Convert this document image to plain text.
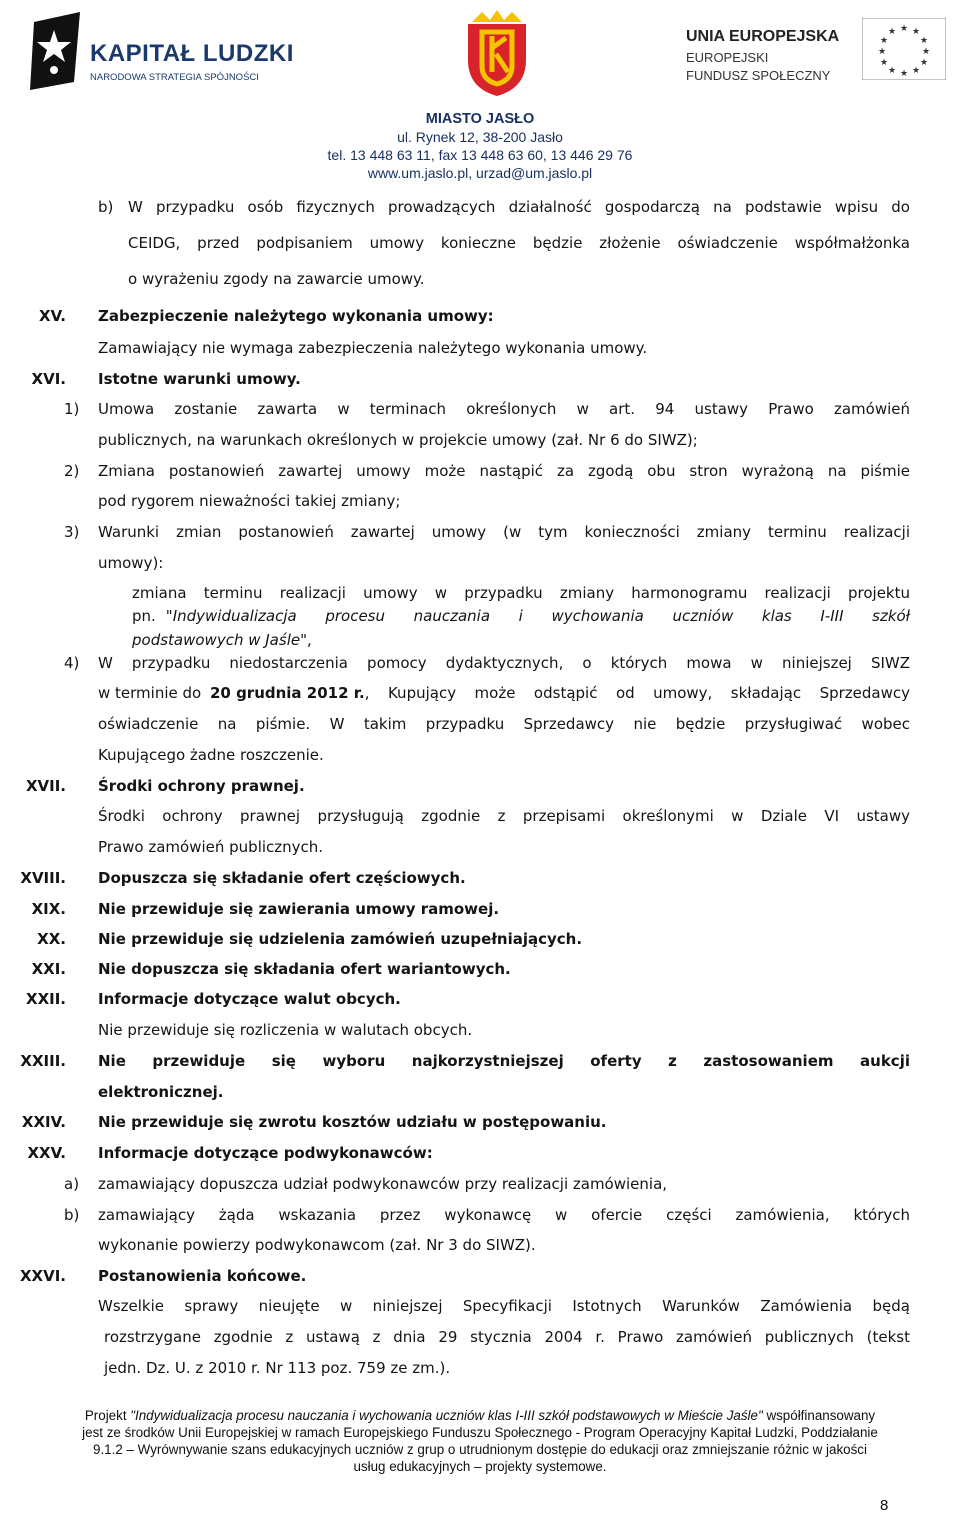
KAPITAŁ LUDZKI
NARODOWA STRATEGIA SPÓJNOŚCI
UNIA EUROPEJSKA
EUROPEJSKI
FUNDUSZ SPOŁECZNY
★ ★
★
★
★
★
★
★
★
★
★
★
MIASTO JASŁO
ul. Rynek 12, 38-200 Jasło
tel. 13 448 63 11, fax 13 448 63 60, 13 446 29 76
www.um.jaslo.pl, urzad@um.jaslo.pl
b) W przypadku osób fizycznych prowadzących działalność gospodarczą na podstawie wpisu do
CEIDG, przed podpisaniem umowy konieczne będzie złożenie oświadczenie współmałżonka
o wyrażeniu zgody na zawarcie umowy.
XV. Zabezpieczenie należytego wykonania umowy:
Zamawiający nie wymaga zabezpieczenia należytego wykonania umowy.
XVI. Istotne warunki umowy.
1) Umowa zostanie zawarta w terminach określonych w art. 94 ustawy Prawo zamówień
publicznych, na warunkach określonych w projekcie umowy (zał. Nr 6 do SIWZ);
2) Zmiana postanowień zawartej umowy może nastąpić za zgodą obu stron wyrażoną na piśmie
pod rygorem nieważności takiej zmiany;
3) Warunki zmian postanowień zawartej umowy (w tym konieczności zmiany terminu realizacji
umowy):
zmiana terminu realizacji umowy w przypadku zmiany harmonogramu realizacji projektu
pn. "Indywidualizacja procesu nauczania i wychowania uczniów klas I-III szkół
podstawowych w Jaśle",
4) W przypadku niedostarczenia pomocy dydaktycznych, o których mowa w niniejszej SIWZ
w terminie do 20 grudnia 2012 r. , Kupujący może odstąpić od umowy, składając Sprzedawcy
oświadczenie na piśmie. W takim przypadku Sprzedawcy nie będzie przysługiwać wobec
Kupującego żadne roszczenie.
XVII. Środki ochrony prawnej.
Środki ochrony prawnej przysługują zgodnie z przepisami określonymi w Dziale VI ustawy
Prawo zamówień publicznych.
XVIII. Dopuszcza się składanie ofert częściowych.
XIX. Nie przewiduje się zawierania umowy ramowej.
XX. Nie przewiduje się udzielenia zamówień uzupełniających.
XXI. Nie dopuszcza się składania ofert wariantowych.
XXII. Informacje dotyczące walut obcych.
Nie przewiduje się rozliczenia w walutach obcych.
XXIII. Nie przewiduje się wyboru najkorzystniejszej oferty z zastosowaniem aukcji
elektronicznej.
XXIV. Nie przewiduje się zwrotu kosztów udziału w postępowaniu.
XXV. Informacje dotyczące podwykonawców:
a) zamawiający dopuszcza udział podwykonawców przy realizacji zamówienia,
b) zamawiający żąda wskazania przez wykonawcę w ofercie części zamówienia, których
wykonanie powierzy podwykonawcom (zał. Nr 3 do SIWZ).
XXVI. Postanowienia końcowe.
Wszelkie sprawy nieujęte w niniejszej Specyfikacji Istotnych Warunków Zamówienia będą
rozstrzygane zgodnie z ustawą z dnia 29 stycznia 2004 r. Prawo zamówień publicznych (tekst
jedn. Dz. U. z 2010 r. Nr 113 poz. 759 ze zm.).
Projekt "Indywidualizacja procesu nauczania i wychowania uczniów klas I-III szkół podstawowych w Mieście Jaśle" współfinansowany
jest ze środków Unii Europejskiej w ramach Europejskiego Funduszu Społecznego - Program Operacyjny Kapitał Ludzki, Poddziałanie
9.1.2 – Wyrównywanie szans edukacyjnych uczniów z grup o utrudnionym dostępie do edukacji oraz zmniejszanie różnic w jakości
usług edukacyjnych – projekty systemowe.
8
